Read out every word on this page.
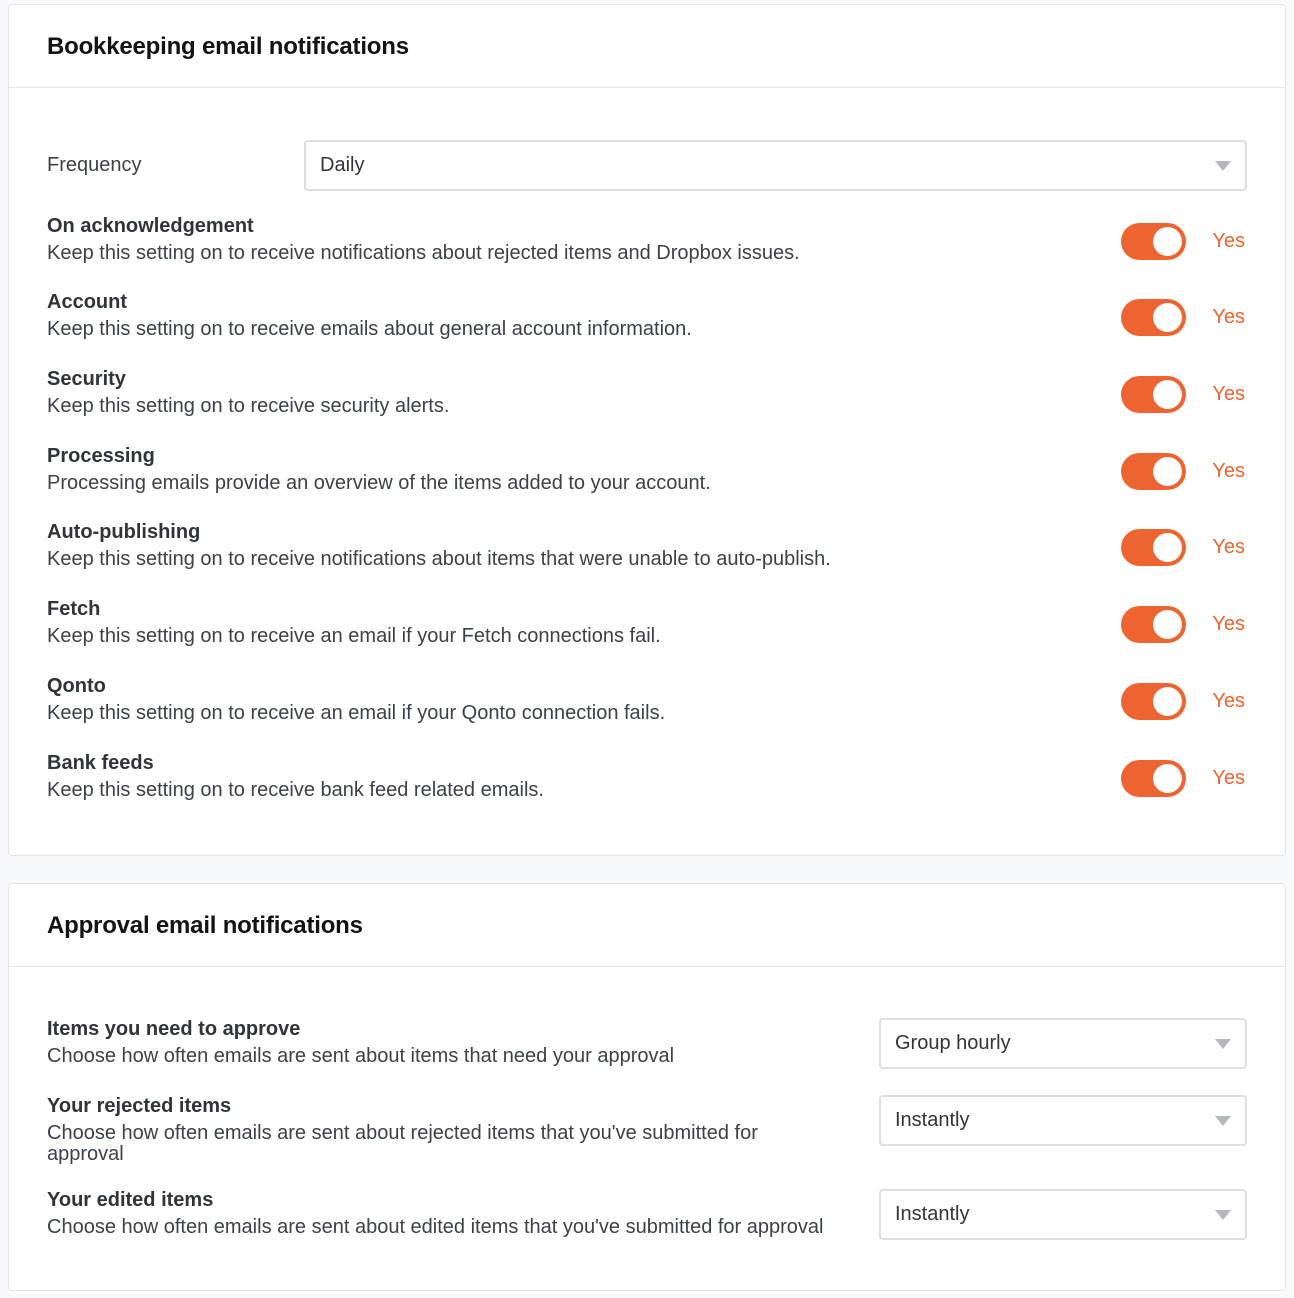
Bookkeeping email notifications
Frequency	Daily
On acknowledgement
Keep this setting on to receive notifications about rejected items and Dropbox issues.
Yes
Account
Keep this setting on to receive emails about general account information.
Yes
Security
Keep this setting on to receive security alerts.
Yes
Processing
Processing emails provide an overview of the items added to your account.
Yes
Auto-publishing
Keep this setting on to receive notifications about items that were unable to auto-publish.
Yes
Fetch
Keep this setting on to receive an email if your Fetch connections fail.
Yes
Qonto
Keep this setting on to receive an email if your Qonto connection fails.
Yes
Bank feeds
Keep this setting on to receive bank feed related emails.
Yes
Approval email notifications
Items you need to approve
Choose how often emails are sent about items that need your approval
Group hourly
Your rejected items
Choose how often emails are sent about rejected items that you've submitted for approval
Instantly
Your edited items
Choose how often emails are sent about edited items that you've submitted for approval
Instantly
